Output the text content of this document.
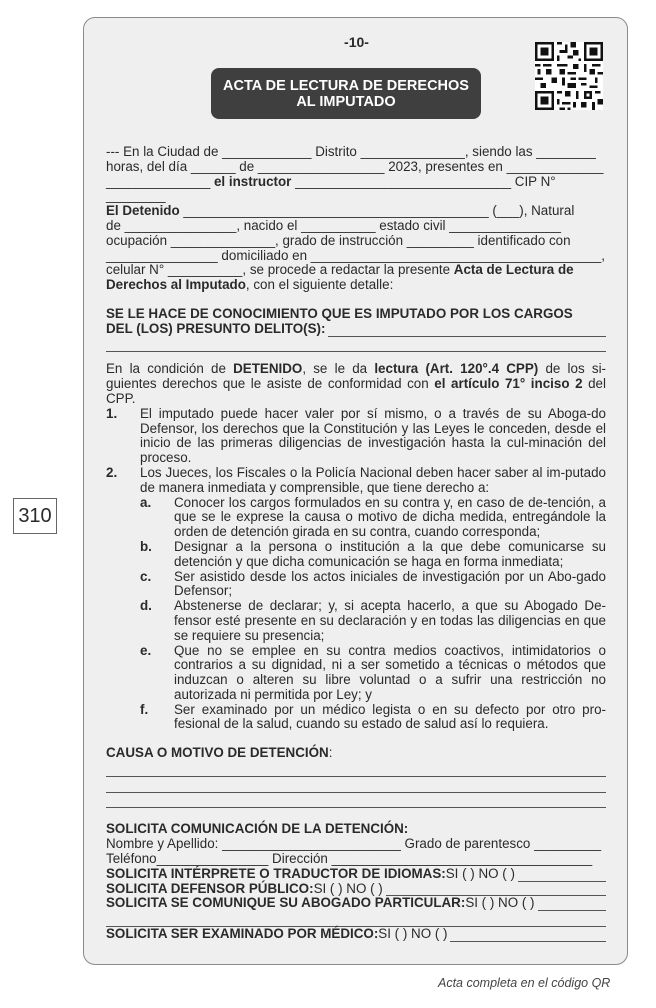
-10-
ACTA DE LECTURA DE DERECHOS
AL IMPUTADO

--- En la Ciudad de ____________ Distrito ______________, siendo las ________

horas, del día ______ de _________________ 2023, presentes en _____________

______________ el instructor _____________________________ CIP N° ________

El Detenido _________________________________________ (___), Natural

de _______________, nacido el __________ estado civil _______________

ocupación ______________, grado de instrucción _________ identificado con

_______________ domiciliado en _______________________________________,

celular N° __________, se procede a redactar la presente Acta de Lectura de

Derechos al Imputado, con el siguiente detalle:

SE LE HACE DE CONOCIMIENTO QUE ES IMPUTADO POR LOS CARGOS

DEL (LOS) PRESUNTO DELITO(S):

En la condición de DETENIDO, se le da lectura (Art. 120°.4 CPP) de los si-guientes derechos que le asiste de conformidad con el artículo 71° inciso 2 del CPP.

1. El imputado puede hacer valer por sí mismo, o a través de su Aboga-do Defensor, los derechos que la Constitución y las Leyes le conceden, desde el inicio de las primeras diligencias de investigación hasta la cul-minación del proceso.
2. Los Jueces, los Fiscales o la Policía Nacional deben hacer saber al im-putado de manera inmediata y comprensible, que tiene derecho a:
a. Conocer los cargos formulados en su contra y, en caso de de-tención, a que se le exprese la causa o motivo de dicha medida, entregándole la orden de detención girada en su contra, cuando corresponda;
b. Designar a la persona o institución a la que debe comunicarse su detención y que dicha comunicación se haga en forma inmediata;
c. Ser asistido desde los actos iniciales de investigación por un Abo-gado Defensor;
d. Abstenerse de declarar; y, si acepta hacerlo, a que su Abogado De-fensor esté presente en su declaración y en todas las diligencias en que se requiere su presencia;
e. Que no se emplee en su contra medios coactivos, intimidatorios o contrarios a su dignidad, ni a ser sometido a técnicas o métodos que induzcan o alteren su libre voluntad o a sufrir una restricción no autorizada ni permitida por Ley; y
f. Ser examinado por un médico legista o en su defecto por otro pro-fesional de la salud, cuando su estado de salud así lo requiera.

CAUSA O MOTIVO DE DETENCIÓN:

SOLICITA COMUNICACIÓN DE LA DETENCIÓN:

Nombre y Apellido: ________________________ Grado de parentesco _________

Teléfono_______________ Dirección ___________________________________

SOLICITA INTÉRPRETE O TRADUCTOR DE IDIOMAS: SI ( ) NO ( )
SOLICITA DEFENSOR PÚBLICO: SI ( ) NO ( )
SOLICITA SE COMUNIQUE SU ABOGADO PARTICULAR: SI ( ) NO ( )
SOLICITA SER EXAMINADO POR MÉDICO: SI ( ) NO ( )
310
Acta completa en el código QR
